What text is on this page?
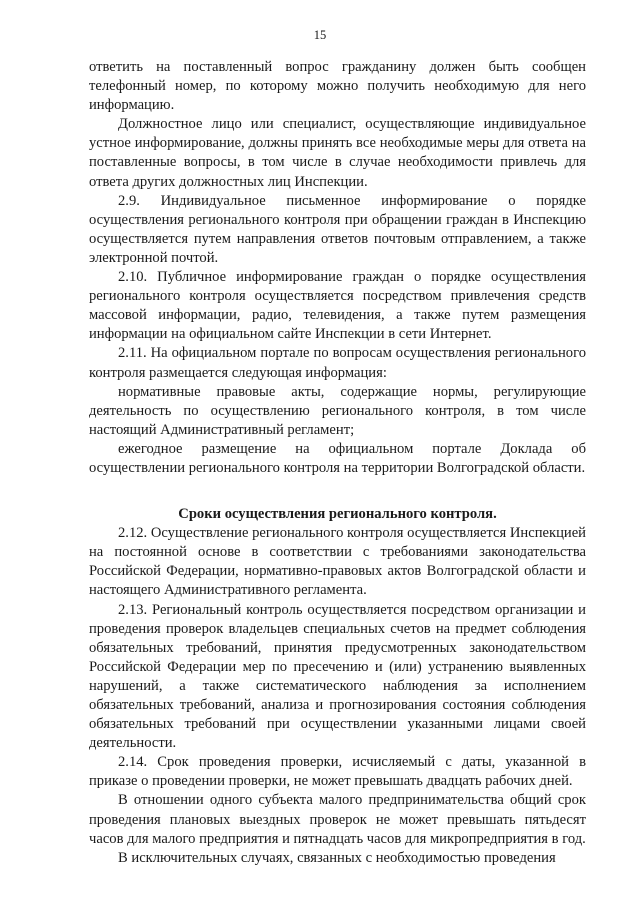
15

ответить на поставленный вопрос гражданину должен быть сообщен телефонный номер, по которому можно получить необходимую для него информацию.

Должностное лицо или специалист, осуществляющие индивидуальное устное информирование, должны принять все необходимые меры для ответа на поставленные вопросы, в том числе в случае необходимости привлечь для ответа других должностных лиц Инспекции.

2.9. Индивидуальное письменное информирование о порядке осуществления регионального контроля при обращении граждан в Инспекцию осуществляется путем направления ответов почтовым отправлением, а также электронной почтой.

2.10. Публичное информирование граждан о порядке осуществления регионального контроля осуществляется посредством привлечения средств массовой информации, радио, телевидения, а также путем размещения информации на официальном сайте Инспекции в сети Интернет.

2.11. На официальном портале по вопросам осуществления регионального контроля размещается следующая информация:

нормативные правовые акты, содержащие нормы, регулирующие деятельность по осуществлению регионального контроля, в том числе настоящий Административный регламент;

ежегодное размещение на официальном портале Доклада об осуществлении регионального контроля на территории Волгоградской области.

Сроки осуществления регионального контроля.

2.12. Осуществление регионального контроля осуществляется Инспекцией на постоянной основе в соответствии с требованиями законодательства Российской Федерации, нормативно-правовых актов Волгоградской области и настоящего Административного регламента.

2.13. Региональный контроль осуществляется посредством организации и проведения проверок владельцев специальных счетов на предмет соблюдения обязательных требований, принятия предусмотренных законодательством Российской Федерации мер по пресечению и (или) устранению выявленных нарушений, а также систематического наблюдения за исполнением обязательных требований, анализа и прогнозирования состояния соблюдения обязательных требований при осуществлении указанными лицами своей деятельности.

2.14. Срок проведения проверки, исчисляемый с даты, указанной в приказе о проведении проверки, не может превышать двадцать рабочих дней.

В отношении одного субъекта малого предпринимательства общий срок проведения плановых выездных проверок не может превышать пятьдесят часов для малого предприятия и пятнадцать часов для микропредприятия в год.

В исключительных случаях, связанных с необходимостью проведения
